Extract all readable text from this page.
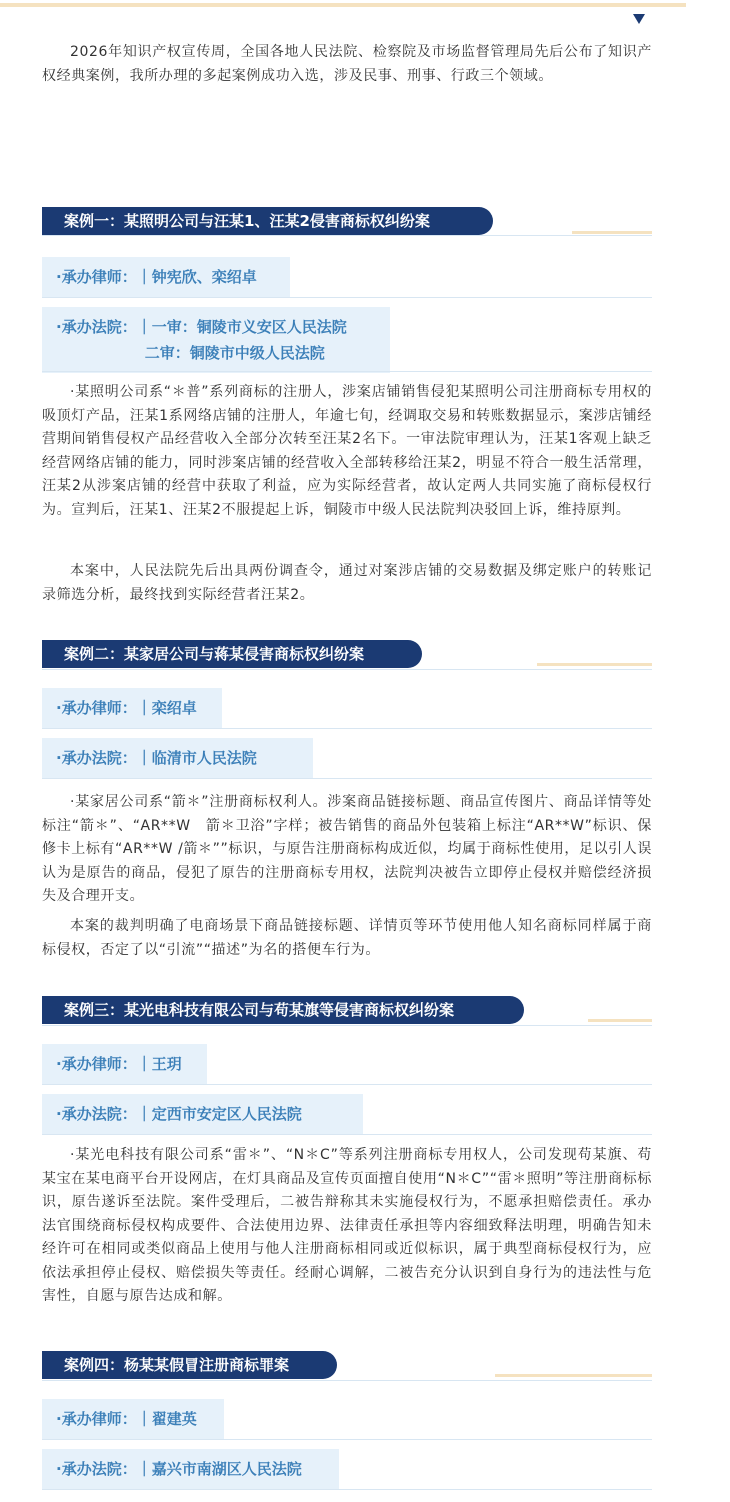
2026年知识产权宣传周，全国各地人民法院、检察院及市场监督管理局先后公布了知识产权经典案例，我所办理的多起案例成功入选，涉及民事、刑事、行政三个领域。

案例一：某照明公司与汪某1、汪某2侵害商标权纠纷案
·承办律师：｜钟宪欣、栾绍卓
·承办法院： ｜一审：铜陵市义安区人民法院
二审：铜陵市中级人民法院

·某照明公司系“＊普”系列商标的注册人，涉案店铺销售侵犯某照明公司注册商标专用权的吸顶灯产品，汪某1系网络店铺的注册人，年逾七旬，经调取交易和转账数据显示，案涉店铺经营期间销售侵权产品经营收入全部分次转至汪某2名下。一审法院审理认为，汪某1客观上缺乏经营网络店铺的能力，同时涉案店铺的经营收入全部转移给汪某2，明显不符合一般生活常理，汪某2从涉案店铺的经营中获取了利益，应为实际经营者，故认定两人共同实施了商标侵权行为。宣判后，汪某1、汪某2不服提起上诉，铜陵市中级人民法院判决驳回上诉，维持原判。

本案中，人民法院先后出具两份调查令，通过对案涉店铺的交易数据及绑定账户的转账记录筛选分析，最终找到实际经营者汪某2。

案例二：某家居公司与蒋某侵害商标权纠纷案
·承办律师：｜栾绍卓
·承办法院：｜临清市人民法院

·某家居公司系“箭＊”注册商标权利人。涉案商品链接标题、商品宣传图片、商品详情等处标注“箭＊”、“AR**W　箭＊卫浴”字样；被告销售的商品外包装箱上标注“AR**W”标识、保修卡上标有“AR**W /箭＊””标识，与原告注册商标构成近似，均属于商标性使用，足以引人误认为是原告的商品，侵犯了原告的注册商标专用权，法院判决被告立即停止侵权并赔偿经济损失及合理开支。

本案的裁判明确了电商场景下商品链接标题、详情页等环节使用他人知名商标同样属于商标侵权，否定了以“引流”“描述”为名的搭便车行为。

案例三：某光电科技有限公司与苟某旗等侵害商标权纠纷案
·承办律师：｜王玥
·承办法院：｜定西市安定区人民法院

·某光电科技有限公司系“雷＊”、“N＊C”等系列注册商标专用权人，公司发现苟某旗、苟某宝在某电商平台开设网店，在灯具商品及宣传页面擅自使用“N＊C”“雷＊照明”等注册商标标识，原告遂诉至法院。案件受理后，二被告辩称其未实施侵权行为，不愿承担赔偿责任。承办法官围绕商标侵权构成要件、合法使用边界、法律责任承担等内容细致释法明理，明确告知未经许可在相同或类似商品上使用与他人注册商标相同或近似标识，属于典型商标侵权行为，应依法承担停止侵权、赔偿损失等责任。经耐心调解，二被告充分认识到自身行为的违法性与危害性，自愿与原告达成和解。

案例四：杨某某假冒注册商标罪案
·承办律师：｜翟建英
·承办法院：｜嘉兴市南湖区人民法院
